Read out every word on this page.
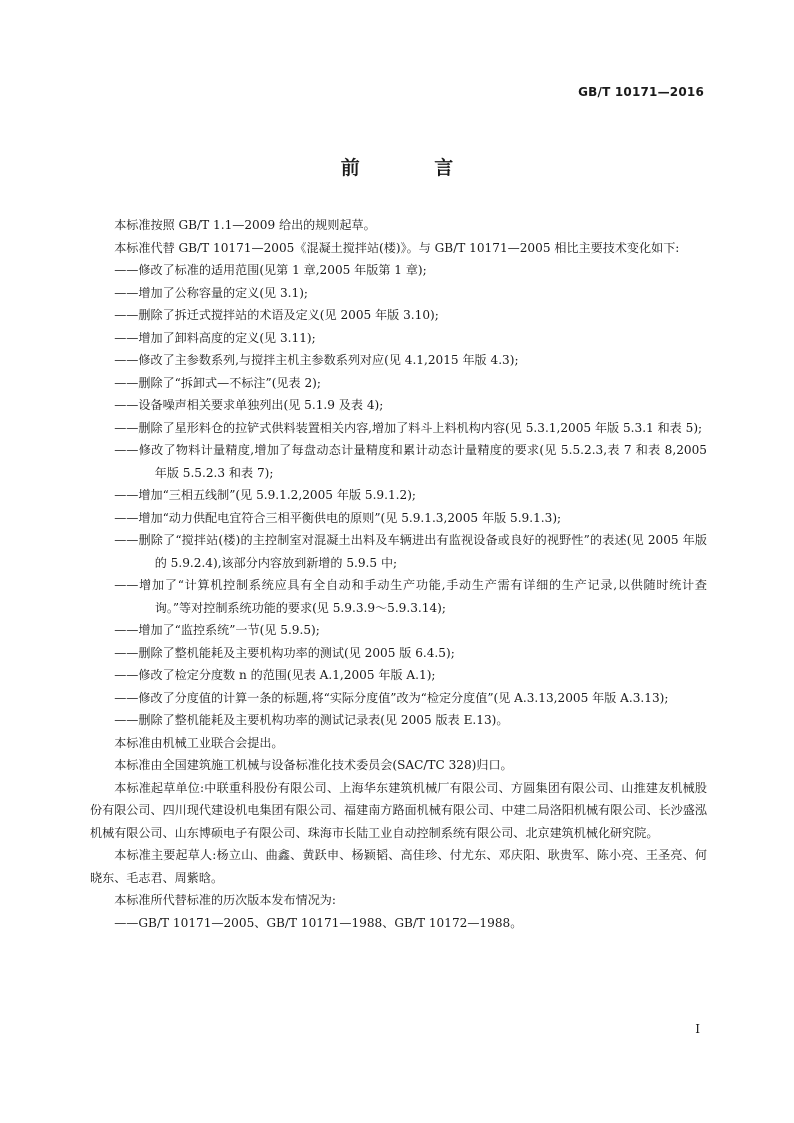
GB/T 10171—2016
前 言

本标准按照 GB/T 1.1—2009 给出的规则起草。

本标准代替 GB/T 10171—2005《混凝土搅拌站(楼)》。与 GB/T 10171—2005 相比主要技术变化如下:

——修改了标准的适用范围(见第 1 章,2005 年版第 1 章);

——增加了公称容量的定义(见 3.1);

——删除了拆迁式搅拌站的术语及定义(见 2005 年版 3.10);

——增加了卸料高度的定义(见 3.11);

——修改了主参数系列,与搅拌主机主参数系列对应(见 4.1,2015 年版 4.3);

——删除了“拆卸式—不标注”(见表 2);

——设备噪声相关要求单独列出(见 5.1.9 及表 4);

——删除了星形料仓的拉铲式供料装置相关内容,增加了料斗上料机构内容(见 5.3.1,2005 年版 5.3.1 和表 5);

——修改了物料计量精度,增加了每盘动态计量精度和累计动态计量精度的要求(见 5.5.2.3,表 7 和表 8,2005 年版 5.5.2.3 和表 7);

——增加“三相五线制”(见 5.9.1.2,2005 年版 5.9.1.2);

——增加“动力供配电宜符合三相平衡供电的原则”(见 5.9.1.3,2005 年版 5.9.1.3);

——删除了“搅拌站(楼)的主控制室对混凝土出料及车辆进出有监视设备或良好的视野性”的表述(见 2005 年版的 5.9.2.4),该部分内容放到新增的 5.9.5 中;

——增加了“计算机控制系统应具有全自动和手动生产功能,手动生产需有详细的生产记录,以供随时统计查询。”等对控制系统功能的要求(见 5.9.3.9～5.9.3.14);

——增加了“监控系统”一节(见 5.9.5);

——删除了整机能耗及主要机构功率的测试(见 2005 版 6.4.5);

——修改了检定分度数 n 的范围(见表 A.1,2005 年版 A.1);

——修改了分度值的计算一条的标题,将“实际分度值”改为“检定分度值”(见 A.3.13,2005 年版 A.3.13);

——删除了整机能耗及主要机构功率的测试记录表(见 2005 版表 E.13)。

本标准由机械工业联合会提出。

本标准由全国建筑施工机械与设备标准化技术委员会(SAC/TC 328)归口。

本标准起草单位:中联重科股份有限公司、上海华东建筑机械厂有限公司、方圆集团有限公司、山推建友机械股份有限公司、四川现代建设机电集团有限公司、福建南方路面机械有限公司、中建二局洛阳机械有限公司、长沙盛泓机械有限公司、山东博硕电子有限公司、珠海市长陆工业自动控制系统有限公司、北京建筑机械化研究院。

本标准主要起草人:杨立山、曲鑫、黄跃申、杨颖韬、高佳珍、付尤东、邓庆阳、耿贵军、陈小亮、王圣亮、何晓东、毛志君、周紫晗。

本标准所代替标准的历次版本发布情况为:

——GB/T 10171—2005、GB/T 10171—1988、GB/T 10172—1988。

I
